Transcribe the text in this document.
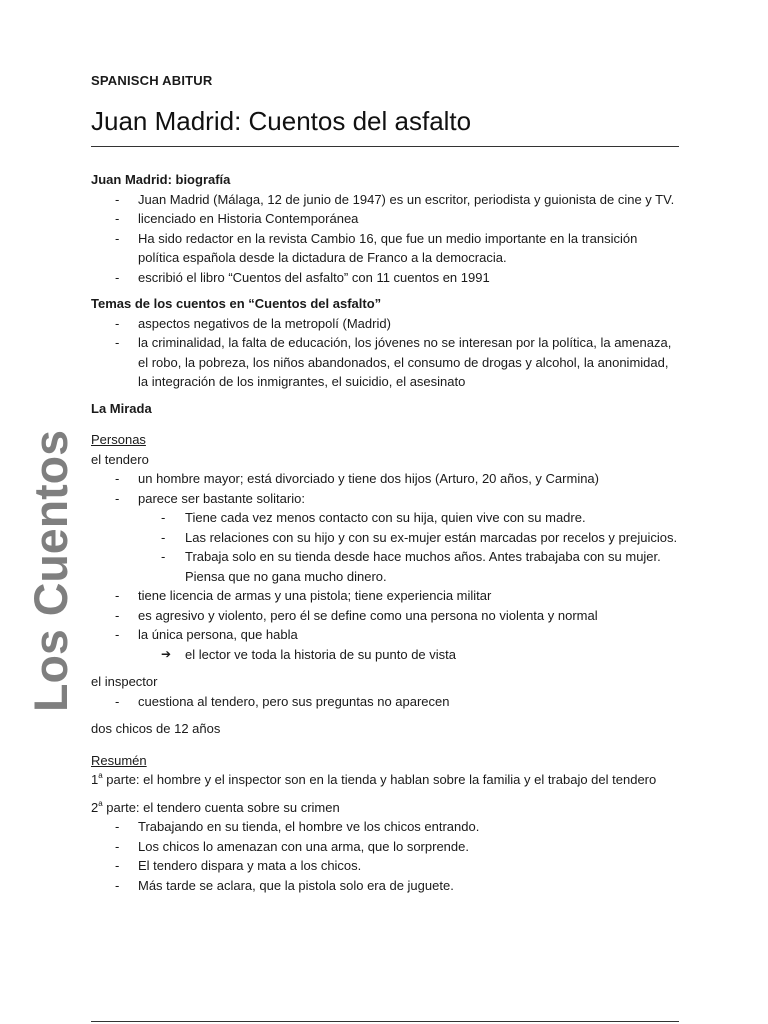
SPANISCH ABITUR
Juan Madrid: Cuentos del asfalto
Los Cuentos

Juan Madrid: biografía

- Juan Madrid (Málaga, 12 de junio de 1947) es un escritor, periodista y guionista de cine y TV.
- licenciado en Historia Contemporánea
- Ha sido redactor en la revista Cambio 16, que fue un medio importante en la transición política española desde la dictadura de Franco a la democracia.
- escribió el libro “Cuentos del asfalto” con 11 cuentos en 1991

Temas de los cuentos en “Cuentos del asfalto”

- aspectos negativos de la metropolí (Madrid)
- la criminalidad, la falta de educación, los jóvenes no se interesan por la política, la amenaza, el robo, la pobreza, los niños abandonados, el consumo de drogas y alcohol, la anonimidad, la integración de los inmigrantes, el suicidio, el asesinato

La Mirada

Personas

el tendero

- un hombre mayor; está divorciado y tiene dos hijos (Arturo, 20 años, y Carmina)
- parece ser bastante solitario:
- Tiene cada vez menos contacto con su hija, quien vive con su madre.
- Las relaciones con su hijo y con su ex-mujer están marcadas por recelos y prejuicios.
- Trabaja solo en su tienda desde hace muchos años. Antes trabajaba con su mujer. Piensa que no gana mucho dinero.
- tiene licencia de armas y una pistola; tiene experiencia militar
- es agresivo y violento, pero él se define como una persona no violenta y normal
- la única persona, que habla
➔ el lector ve toda la historia de su punto de vista

el inspector

- cuestiona al tendero, pero sus preguntas no aparecen

dos chicos de 12 años

Resumén

1$^a$ parte: el hombre y el inspector son en la tienda y hablan sobre la familia y el trabajo del tendero

2$^a$ parte: el tendero cuenta sobre su crimen

- Trabajando en su tienda, el hombre ve los chicos entrando.
- Los chicos lo amenazan con una arma, que lo sorprende.
- El tendero dispara y mata a los chicos.
- Más tarde se aclara, que la pistola solo era de juguete.
